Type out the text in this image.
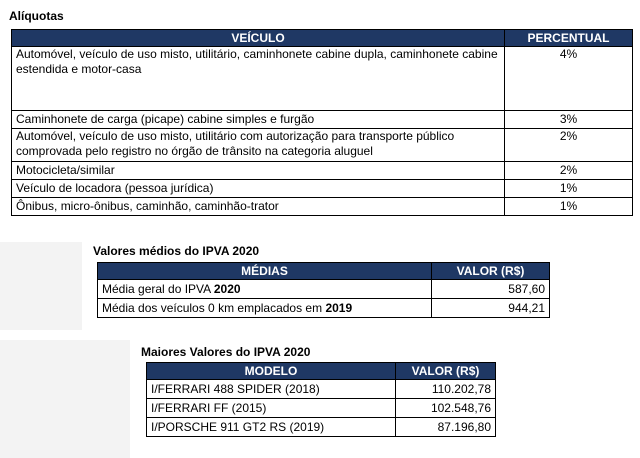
Alíquotas
VEÍCULO	PERCENTUAL
Automóvel, veículo de uso misto, utilitário, caminhonete cabine dupla, caminhonete cabine estendida e motor-casa	4%
Caminhonete de carga (picape) cabine simples e furgão	3%
Automóvel, veículo de uso misto, utilitário com autorização para transporte público comprovada pelo registro no órgão de trânsito na categoria aluguel	2%
Motocicleta/similar	2%
Veículo de locadora (pessoa jurídica)	1%
Ônibus, micro-ônibus, caminhão, caminhão-trator	1%
Valores médios do IPVA 2020
MÉDIAS	VALOR (R$)
Média geral do IPVA 2020	587,60
Média dos veículos 0 km emplacados em 2019	944,21
Maiores Valores do IPVA 2020
MODELO	VALOR (R$)
I/FERRARI 488 SPIDER (2018)	110.202,78
I/FERRARI FF (2015)	102.548,76
I/PORSCHE 911 GT2 RS (2019)	87.196,80
